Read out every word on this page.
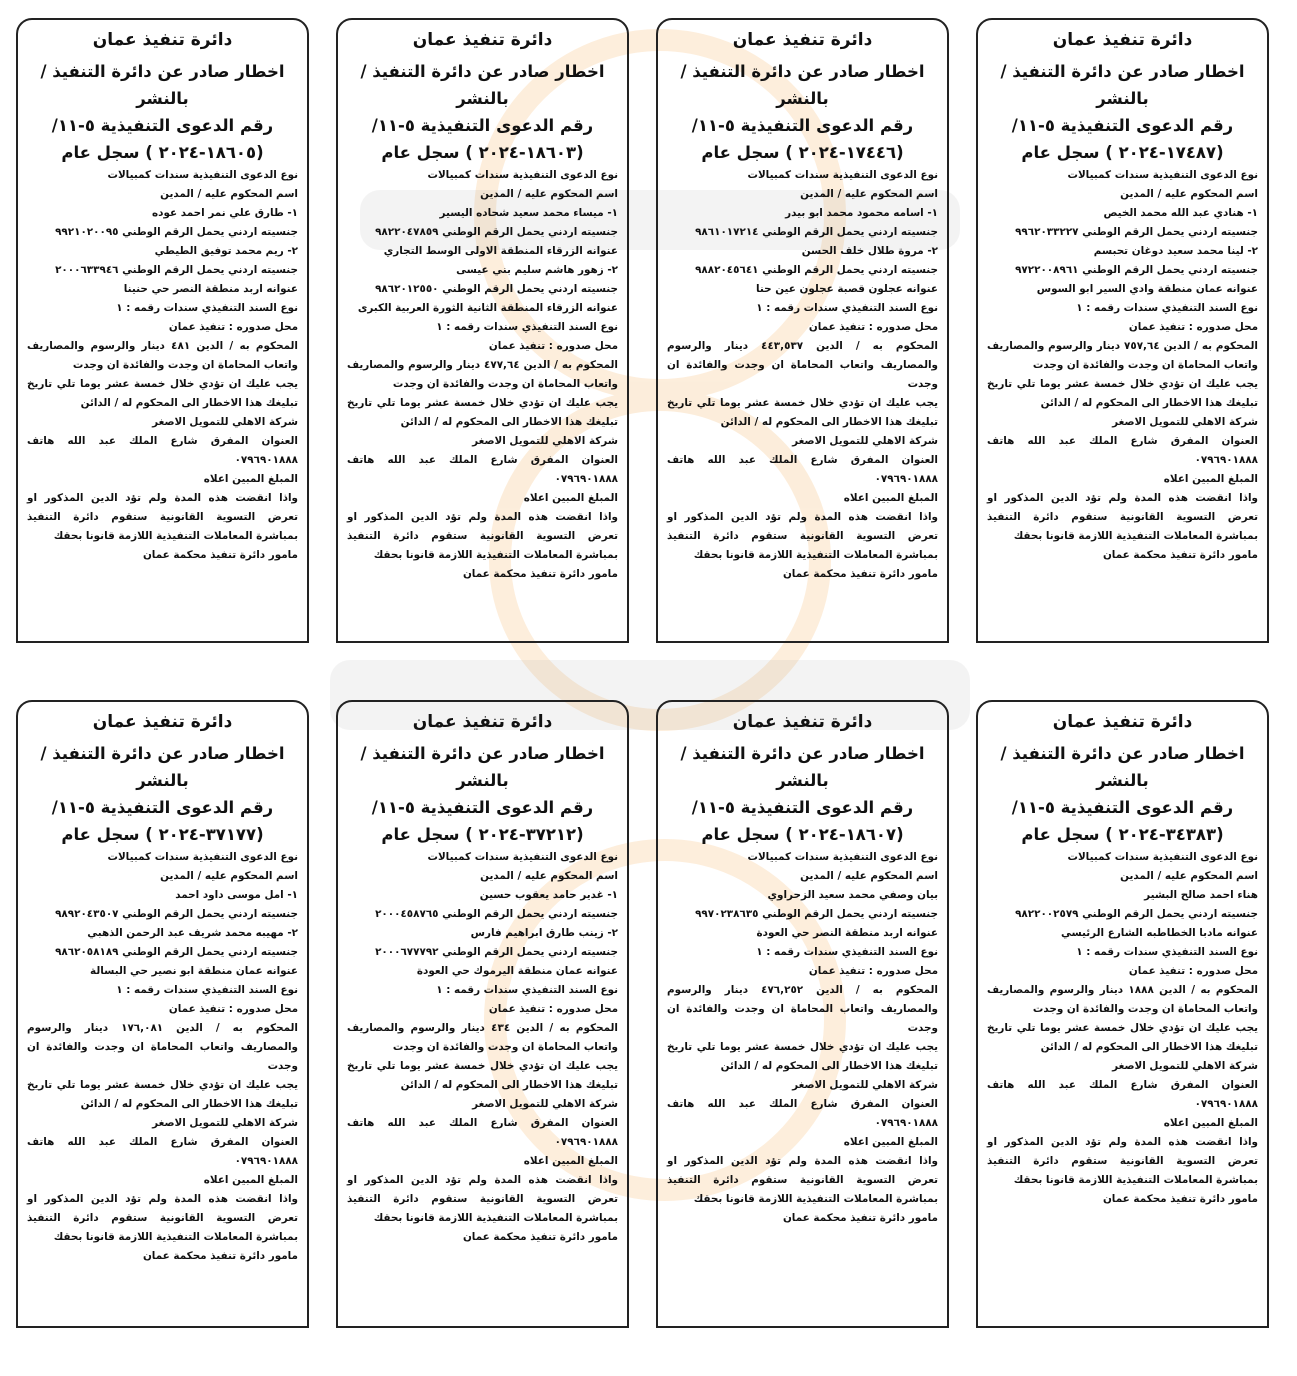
دائرة تنفيذ عمان
اخطار صادر عن دائرة التنفيذ / بالنشر
رقم الدعوى التنفيذية ٥-١١/
(١٧٤٨٧-٢٠٢٤ ) سجل عام
نوع الدعوى التنفيذية سندات كمبيالات
اسم المحكوم عليه / المدين
١- هنادي عبد الله محمد الخيص
جنسيته اردني يحمل الرقم الوطني ٩٩٦٢٠٣٣٢٢٧
٢- لينا محمد سعيد دوغان تحبسم
جنسيته اردني يحمل الرقم الوطني ٩٧٢٢٠٠٨٩٦١
عنوانه عمان منطقة وادي السير ابو السوس
نوع السند التنفيذي سندات رقمه : ١
محل صدوره : تنفيذ عمان
المحكوم به / الدين ٧٥٧,٦٤ دينار والرسوم والمصاريف واتعاب المحاماة ان وجدت والفائدة ان وجدت
يجب عليك ان تؤدي خلال خمسة عشر يوما تلي تاريخ تبليغك هذا الاخطار الى المحكوم له / الدائن
شركة الاهلي للتمويل الاصغر
العنوان المفرق شارع الملك عبد الله هاتف ٠٧٩٦٩٠١٨٨٨
المبلغ المبين اعلاه
واذا انقضت هذه المدة ولم تؤد الدين المذكور او تعرض التسوية القانونية ستقوم دائرة التنفيذ بمباشرة المعاملات التنفيذية اللازمة قانونا بحقك
مامور دائرة تنفيذ محكمة عمان
دائرة تنفيذ عمان
اخطار صادر عن دائرة التنفيذ / بالنشر
رقم الدعوى التنفيذية ٥-١١/
(١٧٤٤٦-٢٠٢٤ ) سجل عام
نوع الدعوى التنفيذية سندات كمبيالات
اسم المحكوم عليه / المدين
١- اسامه محمود محمد ابو بيدر
جنسيته اردني يحمل الرقم الوطني ٩٨٦١٠١٧٢١٤
٢- مروة طلال خلف الحسن
جنسيته اردني يحمل الرقم الوطني ٩٨٨٢٠٤٥٦٤١
عنوانه عجلون قصبة عجلون عين حنا
نوع السند التنفيذي سندات رقمه : ١
محل صدوره : تنفيذ عمان
المحكوم به / الدين ٤٤٣,٥٣٧ دينار والرسوم والمصاريف واتعاب المحاماة ان وجدت والفائدة ان وجدت
يجب عليك ان تؤدي خلال خمسة عشر يوما تلي تاريخ تبليغك هذا الاخطار الى المحكوم له / الدائن
شركة الاهلي للتمويل الاصغر
العنوان المفرق شارع الملك عبد الله هاتف ٠٧٩٦٩٠١٨٨٨
المبلغ المبين اعلاه
واذا انقضت هذه المدة ولم تؤد الدين المذكور او تعرض التسوية القانونية ستقوم دائرة التنفيذ بمباشرة المعاملات التنفيذية اللازمة قانونا بحقك
مامور دائرة تنفيذ محكمة عمان
دائرة تنفيذ عمان
اخطار صادر عن دائرة التنفيذ / بالنشر
رقم الدعوى التنفيذية ٥-١١/
(١٨٦٠٣-٢٠٢٤ ) سجل عام
نوع الدعوى التنفيذية سندات كمبيالات
اسم المحكوم عليه / المدين
١- ميساء محمد سعيد شحاده اليسير
جنسيته اردني يحمل الرقم الوطني ٩٨٢٢٠٤٧٨٥٩
عنوانه الزرقاء المنطقة الاولى الوسط التجاري
٢- زهور هاشم سليم بني عيسى
جنسيته اردني يحمل الرقم الوطني ٩٨٦٢٠١٢٥٥٠
عنوانه الزرقاء المنطقة الثانية الثورة العربية الكبرى
نوع السند التنفيذي سندات رقمه : ١
محل صدوره : تنفيذ عمان
المحكوم به / الدين ٤٧٧,٦٤ دينار والرسوم والمصاريف واتعاب المحاماة ان وجدت والفائدة ان وجدت
يجب عليك ان تؤدي خلال خمسة عشر يوما تلي تاريخ تبليغك هذا الاخطار الى المحكوم له / الدائن
شركة الاهلي للتمويل الاصغر
العنوان المفرق شارع الملك عبد الله هاتف ٠٧٩٦٩٠١٨٨٨
المبلغ المبين اعلاه
واذا انقضت هذه المدة ولم تؤد الدين المذكور او تعرض التسوية القانونية ستقوم دائرة التنفيذ بمباشرة المعاملات التنفيذية اللازمة قانونا بحقك
مامور دائرة تنفيذ محكمة عمان
دائرة تنفيذ عمان
اخطار صادر عن دائرة التنفيذ / بالنشر
رقم الدعوى التنفيذية ٥-١١/
(١٨٦٠٥-٢٠٢٤ ) سجل عام
نوع الدعوى التنفيذية سندات كمبيالات
اسم المحكوم عليه / المدين
١- طارق علي نمر احمد عوده
جنسيته اردني يحمل الرقم الوطني ٩٩٢١٠٢٠٠٩٥
٢- ريم محمد توفيق الطيطي
جنسيته اردني يحمل الرقم الوطني ٢٠٠٠٦٣٣٩٤٦
عنوانه اربد منطقة النصر حي حنينا
نوع السند التنفيذي سندات رقمه : ١
محل صدوره : تنفيذ عمان
المحكوم به / الدين ٤٨١ دينار والرسوم والمصاريف واتعاب المحاماة ان وجدت والفائدة ان وجدت
يجب عليك ان تؤدي خلال خمسة عشر يوما تلي تاريخ تبليغك هذا الاخطار الى المحكوم له / الدائن
شركة الاهلي للتمويل الاصغر
العنوان المفرق شارع الملك عبد الله هاتف ٠٧٩٦٩٠١٨٨٨
المبلغ المبين اعلاه
واذا انقضت هذه المدة ولم تؤد الدين المذكور او تعرض التسوية القانونية ستقوم دائرة التنفيذ بمباشرة المعاملات التنفيذية اللازمة قانونا بحقك
مامور دائرة تنفيذ محكمة عمان
دائرة تنفيذ عمان
اخطار صادر عن دائرة التنفيذ / بالنشر
رقم الدعوى التنفيذية ٥-١١/
(٣٤٣٨٣-٢٠٢٤ ) سجل عام
نوع الدعوى التنفيذية سندات كمبيالات
اسم المحكوم عليه / المدين
هناء احمد صالح البشير
جنسيته اردني يحمل الرقم الوطني ٩٨٢٢٠٠٢٥٧٩
عنوانه مادبا الخطاطبه الشارع الرئيسي
نوع السند التنفيذي سندات رقمه : ١
محل صدوره : تنفيذ عمان
المحكوم به / الدين ١٨٨٨ دينار والرسوم والمصاريف واتعاب المحاماة ان وجدت والفائدة ان وجدت
يجب عليك ان تؤدي خلال خمسة عشر يوما تلي تاريخ تبليغك هذا الاخطار الى المحكوم له / الدائن
شركة الاهلي للتمويل الاصغر
العنوان المفرق شارع الملك عبد الله هاتف ٠٧٩٦٩٠١٨٨٨
المبلغ المبين اعلاه
واذا انقضت هذه المدة ولم تؤد الدين المذكور او تعرض التسوية القانونية ستقوم دائرة التنفيذ بمباشرة المعاملات التنفيذية اللازمة قانونا بحقك
مامور دائرة تنفيذ محكمة عمان
دائرة تنفيذ عمان
اخطار صادر عن دائرة التنفيذ / بالنشر
رقم الدعوى التنفيذية ٥-١١/
(١٨٦٠٧-٢٠٢٤ ) سجل عام
نوع الدعوى التنفيذية سندات كمبيالات
اسم المحكوم عليه / المدين
بيان وصفي محمد سعيد الزحراوي
جنسيته اردني يحمل الرقم الوطني ٩٩٧٠٢٣٨٦٣٥
عنوانه اربد منطقة النصر حي العودة
نوع السند التنفيذي سندات رقمه : ١
محل صدوره : تنفيذ عمان
المحكوم به / الدين ٤٧٦,٢٥٢ دينار والرسوم والمصاريف واتعاب المحاماة ان وجدت والفائدة ان وجدت
يجب عليك ان تؤدي خلال خمسة عشر يوما تلي تاريخ تبليغك هذا الاخطار الى المحكوم له / الدائن
شركة الاهلي للتمويل الاصغر
العنوان المفرق شارع الملك عبد الله هاتف ٠٧٩٦٩٠١٨٨٨
المبلغ المبين اعلاه
واذا انقضت هذه المدة ولم تؤد الدين المذكور او تعرض التسوية القانونية ستقوم دائرة التنفيذ بمباشرة المعاملات التنفيذية اللازمة قانونا بحقك
مامور دائرة تنفيذ محكمة عمان
دائرة تنفيذ عمان
اخطار صادر عن دائرة التنفيذ / بالنشر
رقم الدعوى التنفيذية ٥-١١/
(٣٧٢١٢-٢٠٢٤ ) سجل عام
نوع الدعوى التنفيذية سندات كمبيالات
اسم المحكوم عليه / المدين
١- غدير حامد يعقوب حسين
جنسيته اردني يحمل الرقم الوطني ٢٠٠٠٤٥٨٧٦٥
٢- زينب طارق ابراهيم فارس
جنسيته اردني يحمل الرقم الوطني ٢٠٠٠٦٧٧٧٩٢
عنوانه عمان منطقة اليرموك حي العودة
نوع السند التنفيذي سندات رقمه : ١
محل صدوره : تنفيذ عمان
المحكوم به / الدين ٤٣٤ دينار والرسوم والمصاريف واتعاب المحاماة ان وجدت والفائدة ان وجدت
يجب عليك ان تؤدي خلال خمسة عشر يوما تلي تاريخ تبليغك هذا الاخطار الى المحكوم له / الدائن
شركة الاهلي للتمويل الاصغر
العنوان المفرق شارع الملك عبد الله هاتف ٠٧٩٦٩٠١٨٨٨
المبلغ المبين اعلاه
واذا انقضت هذه المدة ولم تؤد الدين المذكور او تعرض التسوية القانونية ستقوم دائرة التنفيذ بمباشرة المعاملات التنفيذية اللازمة قانونا بحقك
مامور دائرة تنفيذ محكمة عمان
دائرة تنفيذ عمان
اخطار صادر عن دائرة التنفيذ / بالنشر
رقم الدعوى التنفيذية ٥-١١/
(٣٧١٧٧-٢٠٢٤ ) سجل عام
نوع الدعوى التنفيذية سندات كمبيالات
اسم المحكوم عليه / المدين
١- امل موسى داود احمد
جنسيته اردني يحمل الرقم الوطني ٩٨٩٢٠٤٣٥٠٧
٢- مهيبه محمد شريف عبد الرحمن الذهبي
جنسيته اردني يحمل الرقم الوطني ٩٨٦٢٠٥٨١٨٩
عنوانه عمان منطقة ابو نصير حي البسالة
نوع السند التنفيذي سندات رقمه : ١
محل صدوره : تنفيذ عمان
المحكوم به / الدين ١٧٦,٠٨١ دينار والرسوم والمصاريف واتعاب المحاماة ان وجدت والفائدة ان وجدت
يجب عليك ان تؤدي خلال خمسة عشر يوما تلي تاريخ تبليغك هذا الاخطار الى المحكوم له / الدائن
شركة الاهلي للتمويل الاصغر
العنوان المفرق شارع الملك عبد الله هاتف ٠٧٩٦٩٠١٨٨٨
المبلغ المبين اعلاه
واذا انقضت هذه المدة ولم تؤد الدين المذكور او تعرض التسوية القانونية ستقوم دائرة التنفيذ بمباشرة المعاملات التنفيذية اللازمة قانونا بحقك
مامور دائرة تنفيذ محكمة عمان
